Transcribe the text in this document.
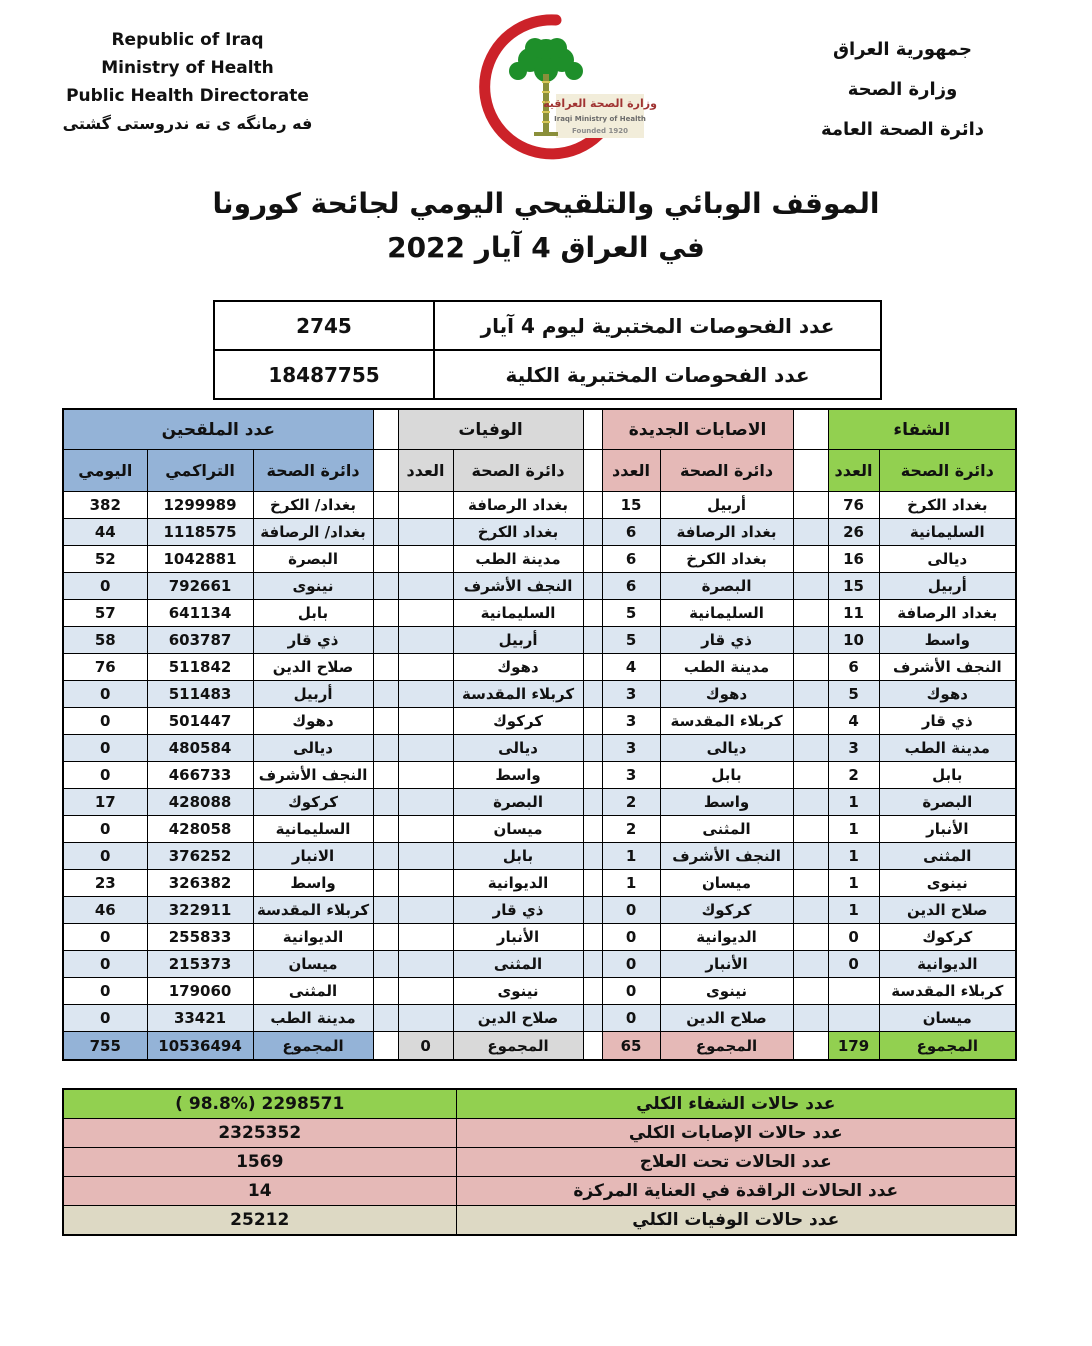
Republic of Iraq
Ministry of Health
Public Health Directorate
فه رمانگه ی ته ندروستی گشتی
وزارة الصحة العراقية
Iraqi Ministry of Health
Founded 1920
جمهورية العراق
وزارة الصحة
دائرة الصحة العامة
الموقف الوبائي والتلقيحي اليومي لجائحة كورونا
في العراق 4 آيار 2022
عدد الفحوصات المختبرية ليوم 4 آيار	2745
عدد الفحوصات المختبرية الكلية	18487755
الشفاء			الاصابات الجديدة			الوفيات			عدد الملقحين		
دائرة الصحة	العدد		دائرة الصحة	العدد		دائرة الصحة	العدد		دائرة الصحة	التراكمي	اليومي
بغداد الكرخ	76		أربيل	15		بغداد الرصافة			بغداد/ الكرخ	1299989	382
السليمانية	26		بغداد الرصافة	6		بغداد الكرخ			بغداد/ الرصافة	1118575	44
ديالى	16		بغداد الكرخ	6		مدينة الطب			البصرة	1042881	52
أربيل	15		البصرة	6		النجف الأشرف			نينوى	792661	0
بغداد الرصافة	11		السليمانية	5		السليمانية			بابل	641134	57
واسط	10		ذي قار	5		أربيل			ذي قار	603787	58
النجف الأشرف	6		مدينة الطب	4		دهوك			صلاح الدين	511842	76
دهوك	5		دهوك	3		كربلاء المقدسة			أربيل	511483	0
ذي قار	4		كربلاء المقدسة	3		كركوك			دهوك	501447	0
مدينة الطب	3		ديالى	3		ديالى			ديالى	480584	0
بابل	2		بابل	3		واسط			النجف الأشرف	466733	0
البصرة	1		واسط	2		البصرة			كركوك	428088	17
الأنبار	1		المثنى	2		ميسان			السليمانية	428058	0
المثنى	1		النجف الأشرف	1		بابل			الانبار	376252	0
نينوى	1		ميسان	1		الديوانية			واسط	326382	23
صلاح الدين	1		كركوك	0		ذي قار			كربلاء المقدسة	322911	46
كركوك	0		الديوانية	0		الأنبار			الديوانية	255833	0
الديوانية	0		الأنبار	0		المثنى			ميسان	215373	0
كربلاء المقدسة			نينوى	0		نينوى			المثنى	179060	0
ميسان			صلاح الدين	0		صلاح الدين			مدينة الطب	33421	0
المجموع	179		المجموع	65		المجموع	0		المجموع	10536494	755
عدد حالات الشفاء الكلي	( 98.8%) 2298571
عدد حالات الإصابات الكلي	2325352
عدد الحالات تحت العلاج	1569
عدد الحالات الراقدة في العناية المركزة	14
عدد حالات الوفيات الكلي	25212
